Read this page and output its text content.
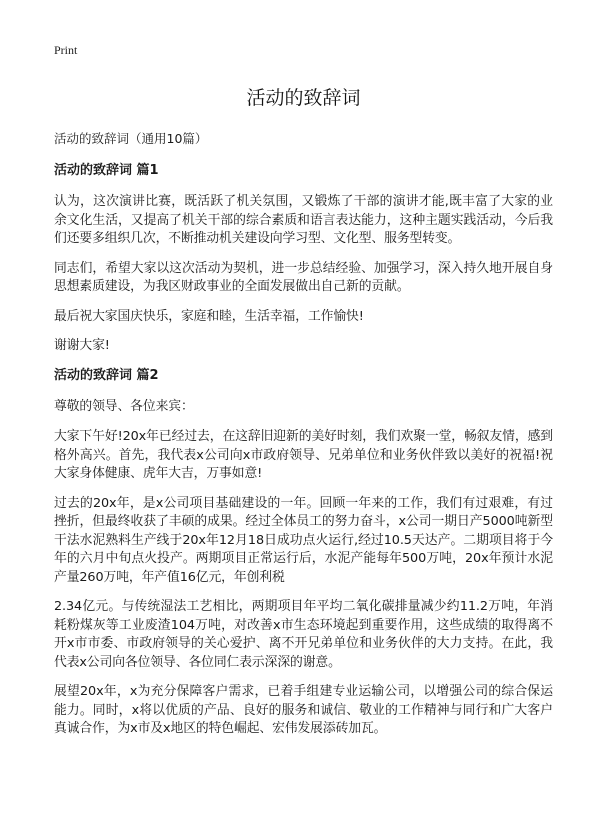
Print
活动的致辞词

活动的致辞词（通用10篇）

活动的致辞词 篇1

认为，这次演讲比赛，既活跃了机关氛围，又锻炼了干部的演讲才能,既丰富了大家的业余文化生活，又提高了机关干部的综合素质和语言表达能力，这种主题实践活动，今后我们还要多组织几次，不断推动机关建设向学习型、文化型、服务型转变。

同志们，希望大家以这次活动为契机，进一步总结经验、加强学习，深入持久地开展自身思想素质建设，为我区财政事业的全面发展做出自己新的贡献。

最后祝大家国庆快乐，家庭和睦，生活幸福，工作愉快!

谢谢大家!

活动的致辞词 篇2

尊敬的领导、各位来宾：

大家下午好!20x年已经过去，在这辞旧迎新的美好时刻，我们欢聚一堂，畅叙友情，感到格外高兴。首先，我代表x公司向x市政府领导、兄弟单位和业务伙伴致以美好的祝福!祝大家身体健康、虎年大吉，万事如意!

过去的20x年，是x公司项目基础建设的一年。回顾一年来的工作，我们有过艰难，有过挫折，但最终收获了丰硕的成果。经过全体员工的努力奋斗，x公司一期日产5000吨新型干法水泥熟料生产线于20x年12月18日成功点火运行,经过10.5天达产。二期项目将于今年的六月中旬点火投产。两期项目正常运行后，水泥产能每年500万吨，20x年预计水泥产量260万吨，年产值16亿元，年创利税

2.34亿元。与传统湿法工艺相比，两期项目年平均二氧化碳排量减少约11.2万吨，年消耗粉煤灰等工业废渣104万吨，对改善x市生态环境起到重要作用，这些成绩的取得离不开x市市委、市政府领导的关心爱护、离不开兄弟单位和业务伙伴的大力支持。在此，我代表x公司向各位领导、各位同仁表示深深的谢意。

展望20x年，x为充分保障客户需求，已着手组建专业运输公司，以增强公司的综合保运能力。同时，x将以优质的产品、良好的服务和诚信、敬业的工作精神与同行和广大客户真诚合作，为x市及x地区的特色崛起、宏伟发展添砖加瓦。
